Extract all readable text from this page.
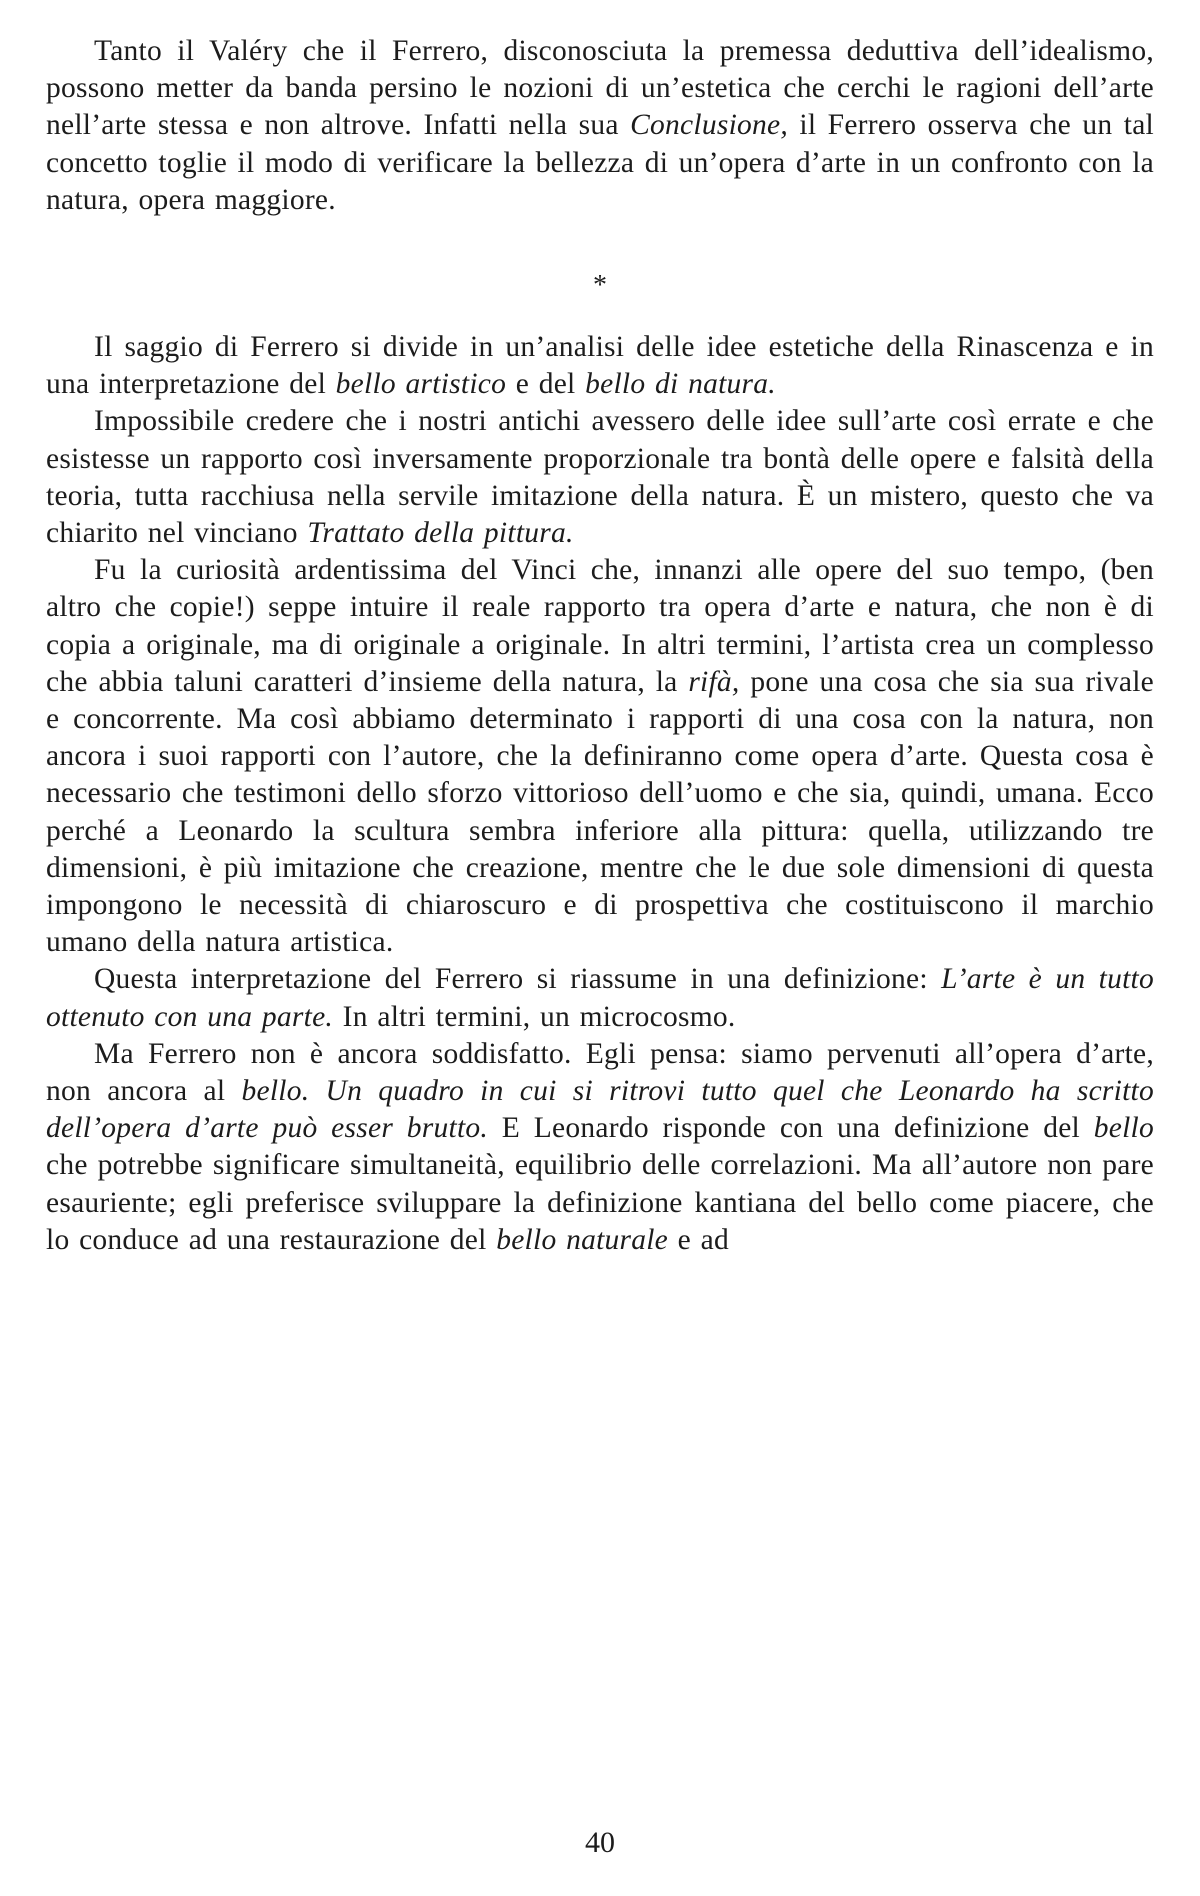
Tanto il Valéry che il Ferrero, disconosciuta la premessa deduttiva dell’idealismo, possono metter da banda persino le nozioni di un’estetica che cerchi le ragioni dell’arte nell’arte stessa e non altrove. Infatti nella sua Conclusione, il Ferrero osserva che un tal concetto toglie il modo di verificare la bellezza di un’opera d’arte in un confronto con la natura, opera maggiore.

*

Il saggio di Ferrero si divide in un’analisi delle idee estetiche della Rinascenza e in una interpretazione del bello artistico e del bello di natura.

Impossibile credere che i nostri antichi avessero delle idee sull’arte così errate e che esistesse un rapporto così inversamente proporzionale tra bontà delle opere e falsità della teoria, tutta racchiusa nella servile imitazione della natura. È un mistero, questo che va chiarito nel vinciano Trattato della pittura.

Fu la curiosità ardentissima del Vinci che, innanzi alle opere del suo tempo, (ben altro che copie!) seppe intuire il reale rapporto tra opera d’arte e natura, che non è di copia a originale, ma di originale a originale. In altri termini, l’artista crea un complesso che abbia taluni caratteri d’insieme della natura, la rifà, pone una cosa che sia sua rivale e concorrente. Ma così abbiamo determinato i rapporti di una cosa con la natura, non ancora i suoi rapporti con l’autore, che la definiranno come opera d’arte. Questa cosa è necessario che testimoni dello sforzo vittorioso dell’uomo e che sia, quindi, umana. Ecco perché a Leonardo la scultura sembra inferiore alla pittura: quella, utilizzando tre dimensioni, è più imitazione che creazione, mentre che le due sole dimensioni di questa impongono le necessità di chiaroscuro e di prospettiva che costituiscono il marchio umano della natura artistica.

Questa interpretazione del Ferrero si riassume in una definizione: L’arte è un tutto ottenuto con una parte. In altri termini, un microcosmo.

Ma Ferrero non è ancora soddisfatto. Egli pensa: siamo pervenuti all’opera d’arte, non ancora al bello. Un quadro in cui si ritrovi tutto quel che Leonardo ha scritto dell’opera d’arte può esser brutto. E Leonardo risponde con una definizione del bello che potrebbe significare simultaneità, equilibrio delle correlazioni. Ma all’autore non pare esauriente; egli preferisce sviluppare la definizione kantiana del bello come piacere, che lo conduce ad una restaurazione del bello naturale e ad

40
